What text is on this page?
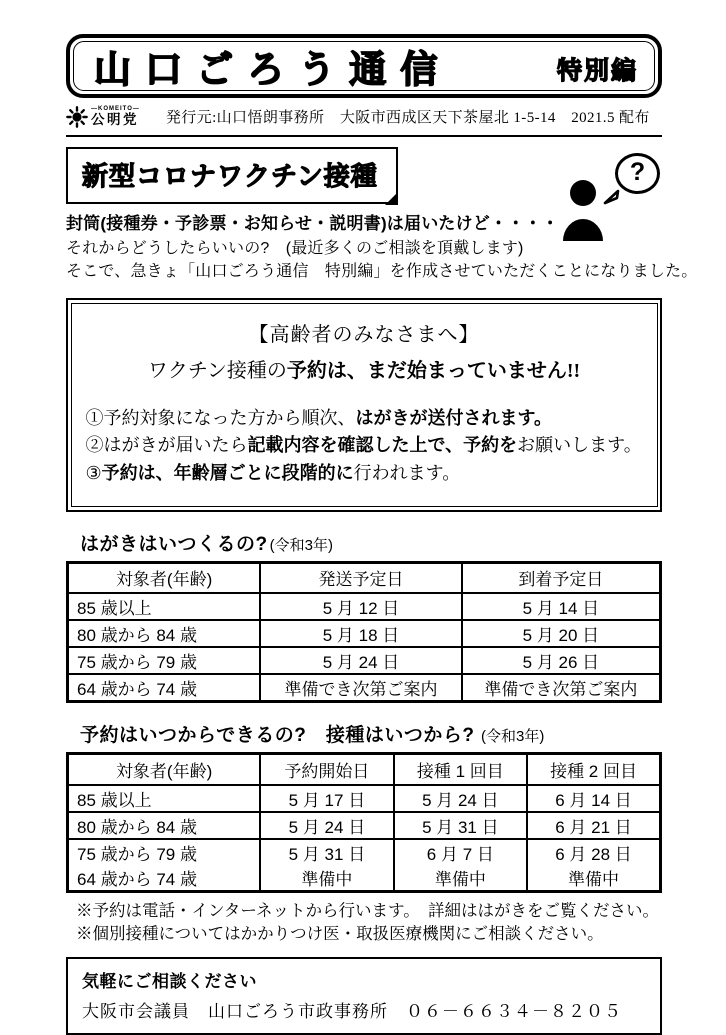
山口ごろう通信	特別編
—KOMEITO—
公明党 発行元:山口悟朗事務所　大阪市西成区天下茶屋北 1-5-14　2021.5 配布
新型コロナワクチン接種	?
封筒(接種券・予診票・お知らせ・説明書)は届いたけど・・・・
それからどうしたらいいの?　(最近多くのご相談を頂戴します)
そこで、急きょ「山口ごろう通信　特別編」を作成させていただくことになりました。
【高齢者のみなさまへ】
ワクチン接種の予約は、まだ始まっていません!!
①予約対象になった方から順次、はがきが送付されます。
②はがきが届いたら記載内容を確認した上で、予約をお願いします。
③予約は、年齢層ごとに段階的に行われます。
はがきはいつくるの? (令和3年)
対象者(年齢)	発送予定日	到着予定日
85 歳以上	5 月 12 日	5 月 14 日
80 歳から 84 歳	5 月 18 日	5 月 20 日
75 歳から 79 歳	5 月 24 日	5 月 26 日
64 歳から 74 歳	準備でき次第ご案内	準備でき次第ご案内
予約はいつからできるの?　接種はいつから? (令和3年)
対象者(年齢)	予約開始日	接種 1 回目	接種 2 回目
85 歳以上	5 月 17 日	5 月 24 日	6 月 14 日
80 歳から 84 歳	5 月 24 日	5 月 31 日	6 月 21 日
75 歳から 79 歳	5 月 31 日	6 月 7 日	6 月 28 日
64 歳から 74 歳	準備中	準備中	準備中
※予約は電話・インターネットから行います。　詳細ははがきをご覧ください。
※個別接種についてはかかりつけ医・取扱医療機関にご相談ください。
気軽にご相談ください
大阪市会議員　山口ごろう市政事務所　０６－６６３４－８２０５
